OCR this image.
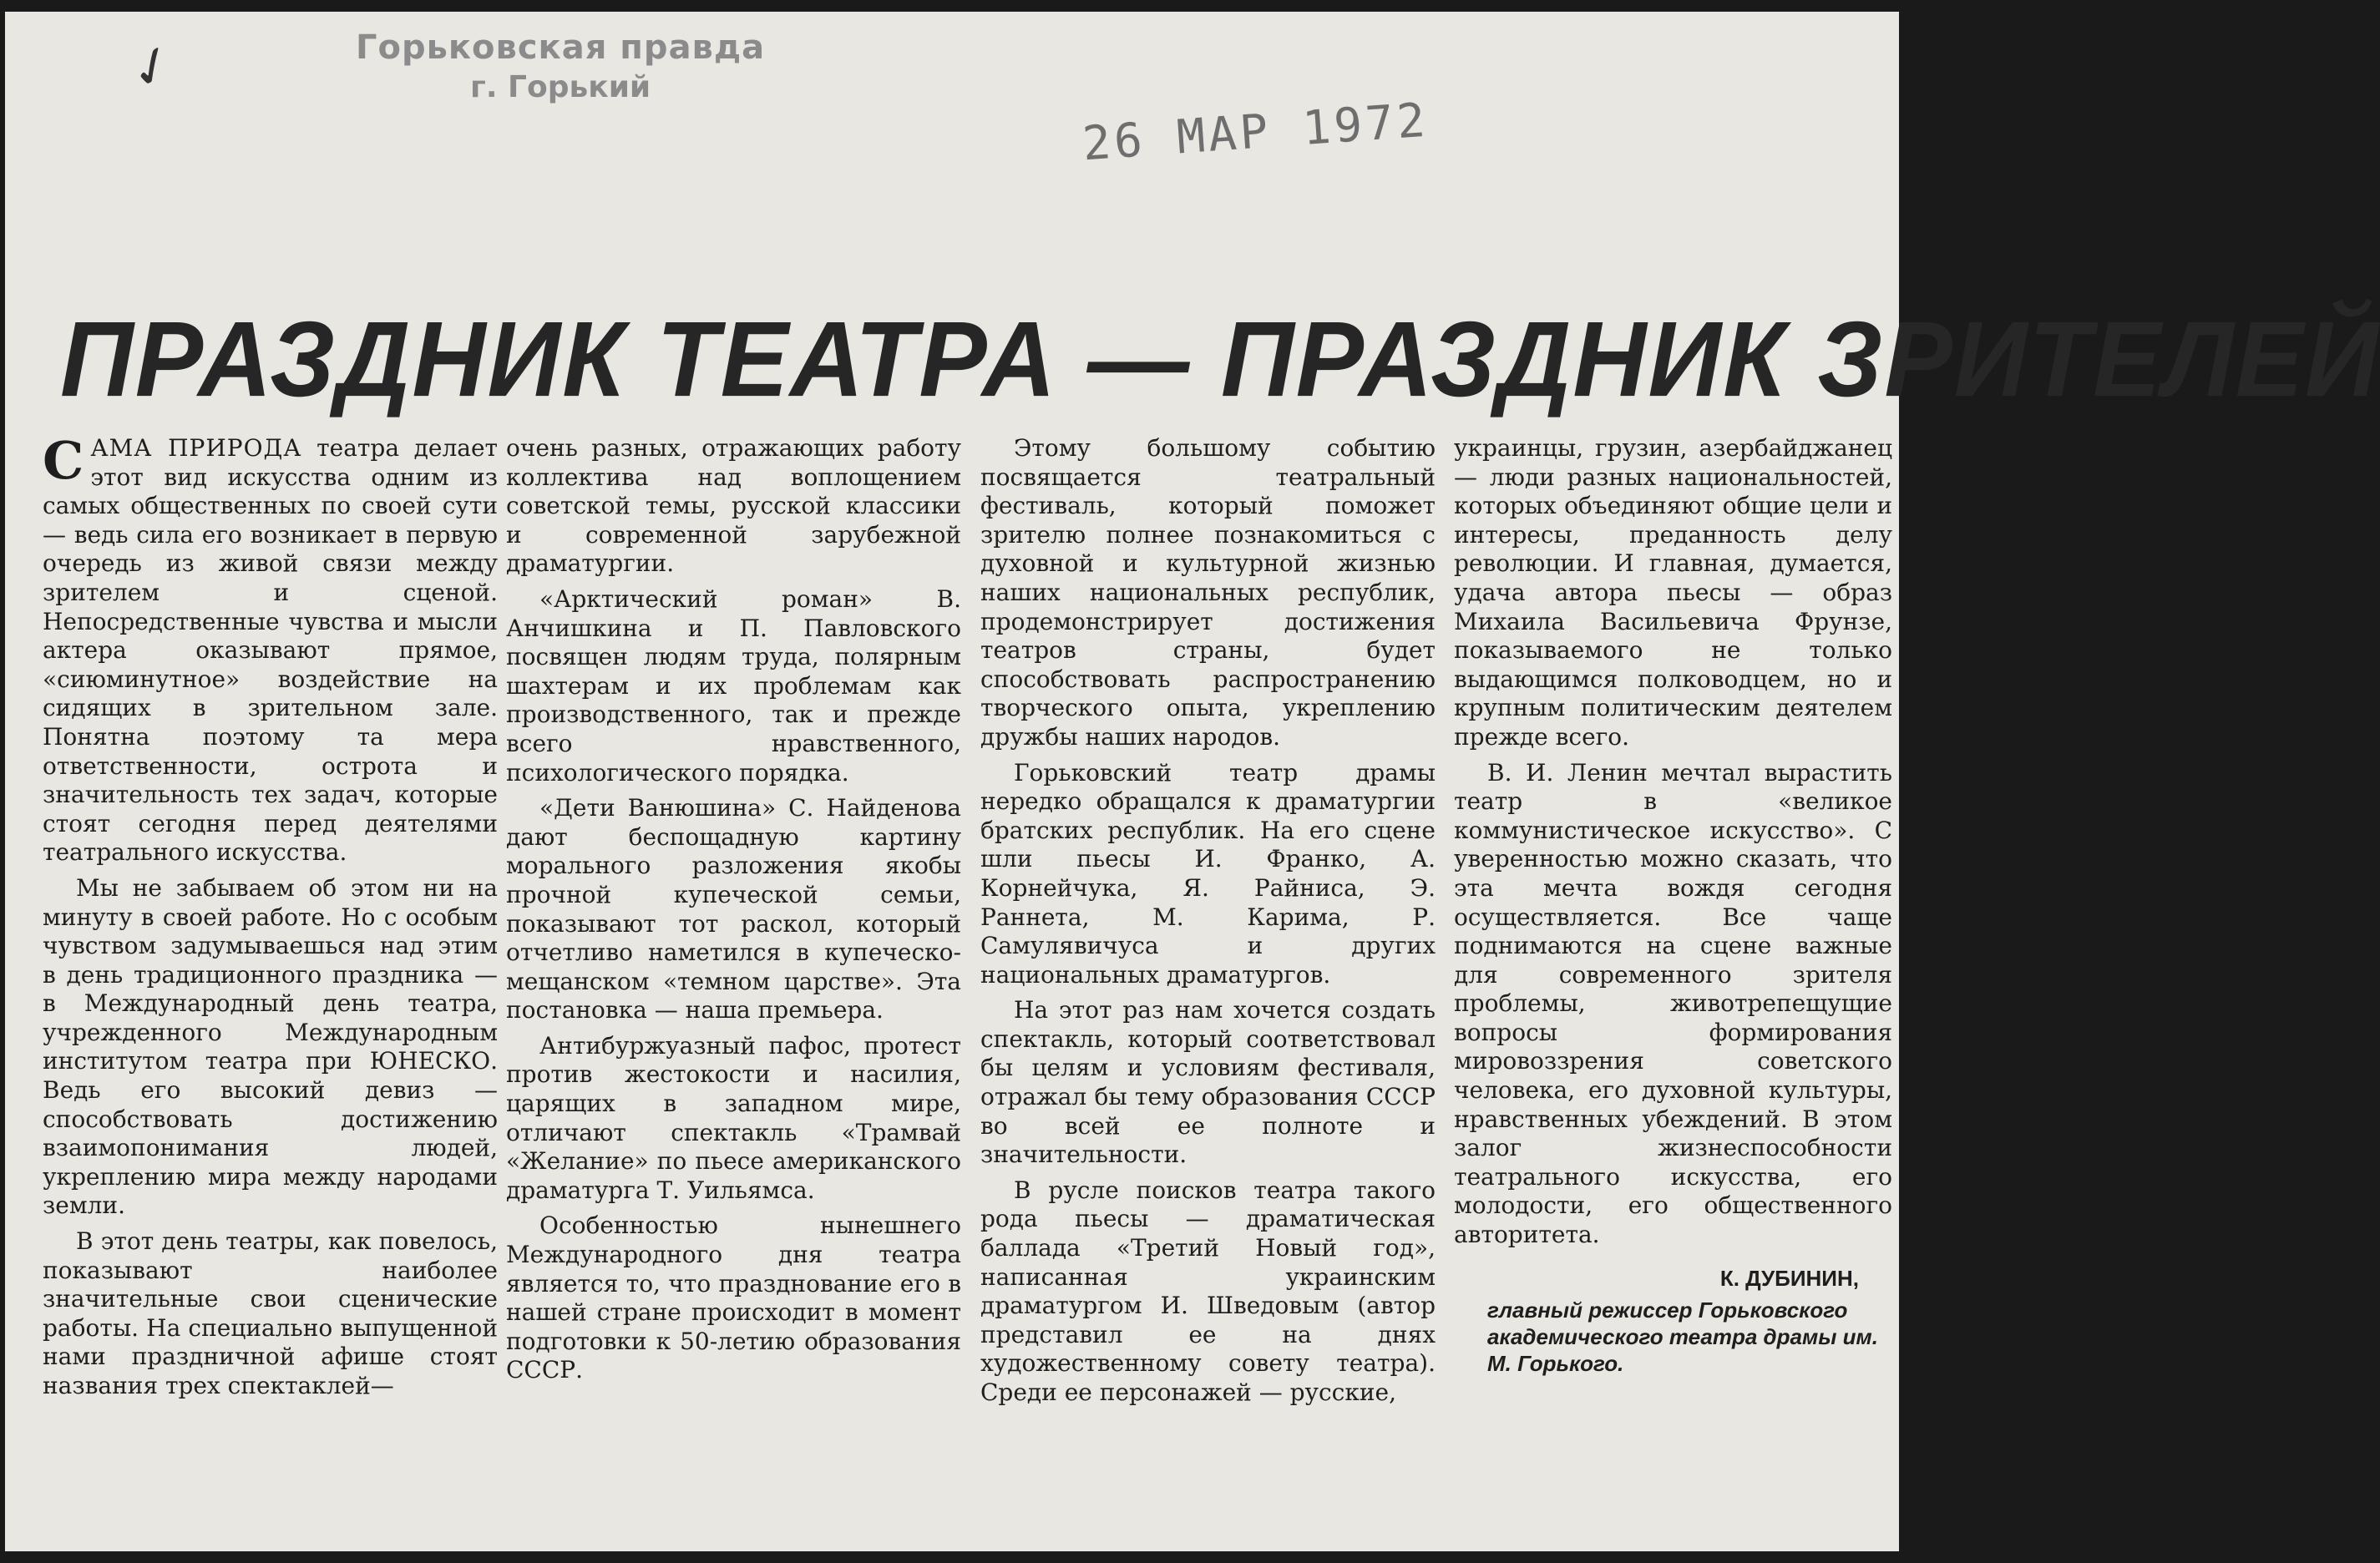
✓	Горьковская правда
г. Горький
26 МАР 1972
ПРАЗДНИК ТЕАТРА — ПРАЗДНИК ЗРИТЕЛЕЙ

САМА ПРИРОДА театра делает этот вид искусства одним из самых общественных по своей сути — ведь сила его возникает в первую очередь из живой связи между зрителем и сценой. Непосредственные чувства и мысли актера оказывают прямое, «сиюминутное» воздействие на сидящих в зрительном зале. Понятна поэтому та мера ответственности, острота и значительность тех задач, которые стоят сегодня перед деятелями театрального искусства.

Мы не забываем об этом ни на минуту в своей работе. Но с особым чувством задумываешься над этим в день традиционного праздника — в Международный день театра, учрежденного Международным институтом театра при ЮНЕСКО. Ведь его высокий девиз — способствовать достижению взаимопонимания людей, укреплению мира между народами земли.

В этот день театры, как повелось, показывают наиболее значительные свои сценические работы. На специально выпущенной нами праздничной афише стоят названия трех спектаклей—

очень разных, отражающих работу коллектива над воплощением советской темы, русской классики и современной зарубежной драматургии.

«Арктический роман» В. Анчишкина и П. Павловского посвящен людям труда, полярным шахтерам и их проблемам как производственного, так и прежде всего нравственного, психологического порядка.

«Дети Ванюшина» С. Найденова дают беспощадную картину морального разложения якобы прочной купеческой семьи, показывают тот раскол, который отчетливо наметился в купеческо-мещанском «темном царстве». Эта постановка — наша премьера.

Антибуржуазный пафос, протест против жестокости и насилия, царящих в западном мире, отличают спектакль «Трамвай «Желание» по пьесе американского драматурга Т. Уильямса.

Особенностью нынешнего Международного дня театра является то, что празднование его в нашей стране происходит в момент подготовки к 50-летию образования СССР.

Этому большому событию посвящается театральный фестиваль, который поможет зрителю полнее познакомиться с духовной и культурной жизнью наших национальных республик, продемонстрирует достижения театров страны, будет способствовать распространению творческого опыта, укреплению дружбы наших народов.

Горьковский театр драмы нередко обращался к драматургии братских республик. На его сцене шли пьесы И. Франко, А. Корнейчука, Я. Райниса, Э. Раннета, М. Карима, Р. Самулявичуса и других национальных драматургов.

На этот раз нам хочется создать спектакль, который соответствовал бы целям и условиям фестиваля, отражал бы тему образования СССР во всей ее полноте и значительности.

В русле поисков театра такого рода пьесы — драматическая баллада «Третий Новый год», написанная украинским драматургом И. Шведовым (автор представил ее на днях художественному совету театра). Среди ее персонажей — русские,

украинцы, грузин, азербайджанец — люди разных национальностей, которых объединяют общие цели и интересы, преданность делу революции. И главная, думается, удача автора пьесы — образ Михаила Васильевича Фрунзе, показываемого не только выдающимся полководцем, но и крупным политическим деятелем прежде всего.

В. И. Ленин мечтал вырастить театр в «великое коммунистическое искусство». С уверенностью можно сказать, что эта мечта вождя сегодня осуществляется. Все чаще поднимаются на сцене важные для современного зрителя проблемы, животрепещущие вопросы формирования мировоззрения советского человека, его духовной культуры, нравственных убеждений. В этом залог жизнеспособности театрального искусства, его молодости, его общественного авторитета.

К. ДУБИНИН,
главный режиссер Горьковского академического театра драмы им. М. Горького.
